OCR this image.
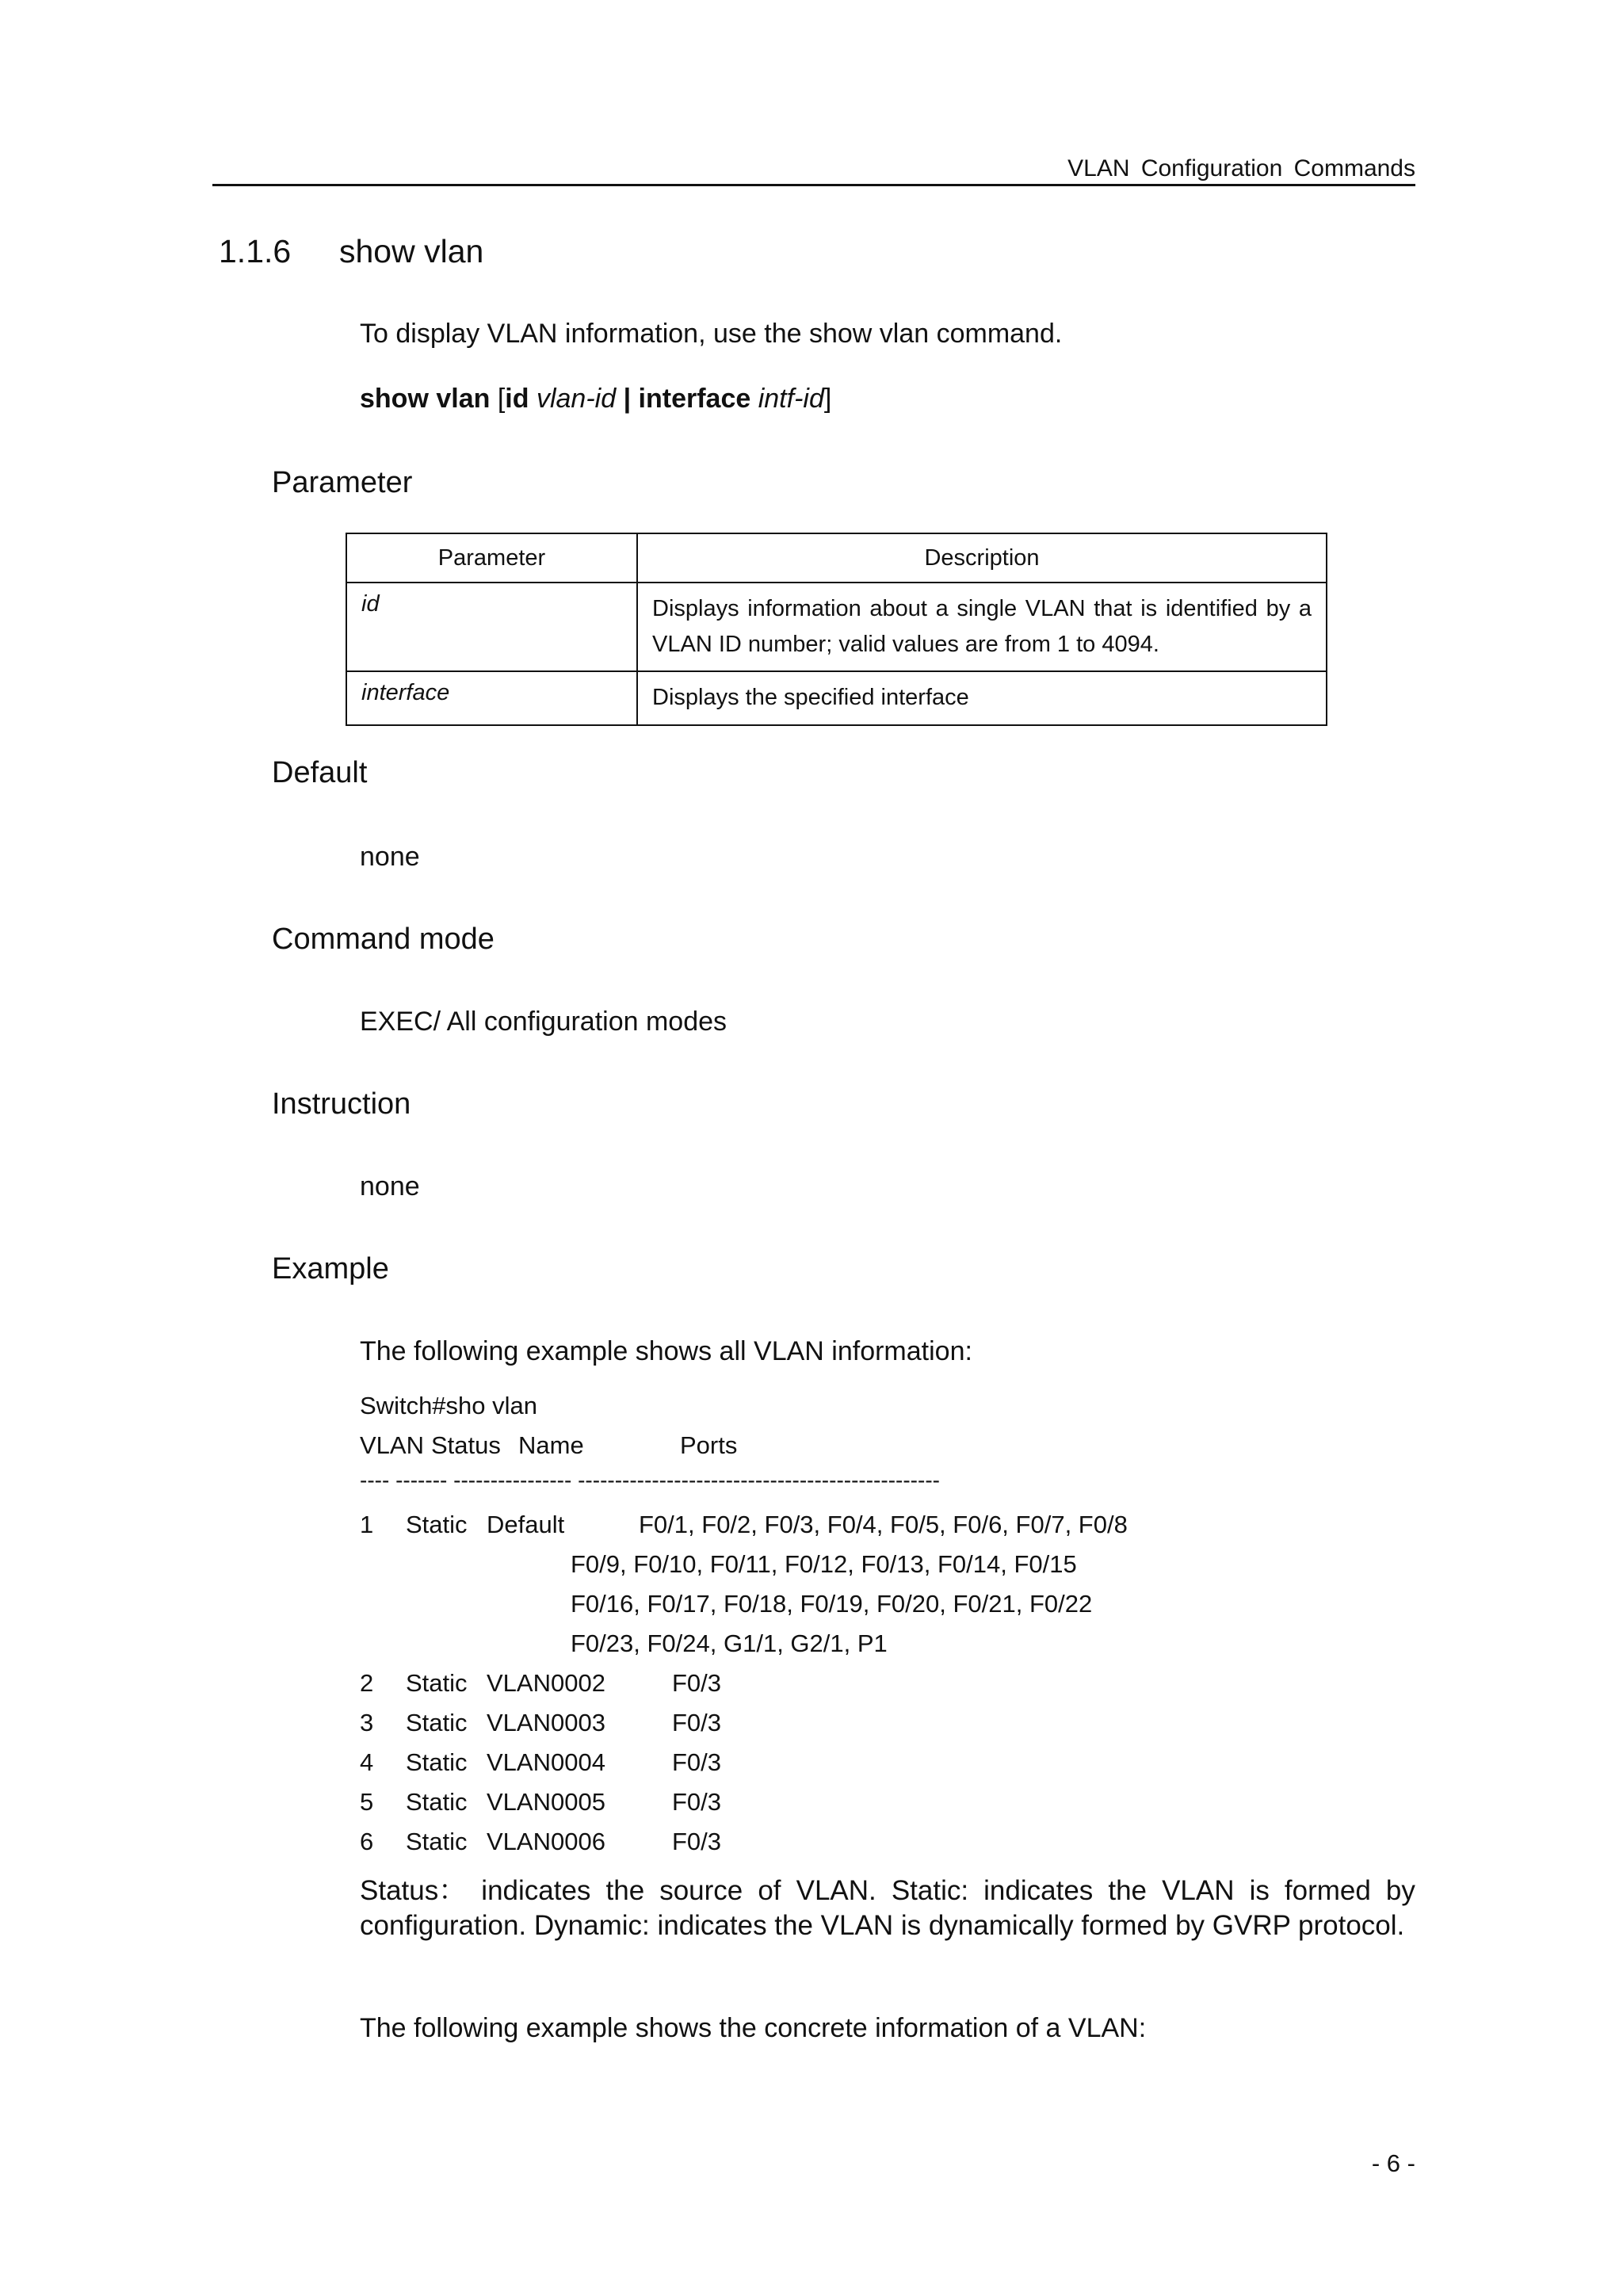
VLAN Configuration Commands
1.1.6 show vlan
To display VLAN information, use the show vlan command.
show vlan [id vlan-id | interface intf-id]
Parameter
Parameter	Description
id	Displays information about a single VLAN that is identified by a VLAN ID number; valid values are from 1 to 4094.
interface	Displays the specified interface
Default
none
Command mode
EXEC/ All configuration modes
Instruction
none
Example
The following example shows all VLAN information:
Switch#sho vlan
VLAN Status Name	Ports
---- ------- ---------------- -------------------------------------------------
1 Static Default	F0/1, F0/2, F0/3, F0/4, F0/5, F0/6, F0/7, F0/8
F0/9, F0/10, F0/11, F0/12, F0/13, F0/14, F0/15
F0/16, F0/17, F0/18, F0/19, F0/20, F0/21, F0/22
F0/23, F0/24, G1/1, G2/1, P1
2 Static VLAN0002	F0/3
3 Static VLAN0003	F0/3
4 Static VLAN0004	F0/3
5 Static VLAN0005	F0/3
6 Static VLAN0006	F0/3
Status： indicates the source of VLAN. Static: indicates the VLAN is formed by
configuration. Dynamic: indicates the VLAN is dynamically formed by GVRP protocol.
The following example shows the concrete information of a VLAN:
- 6 -
